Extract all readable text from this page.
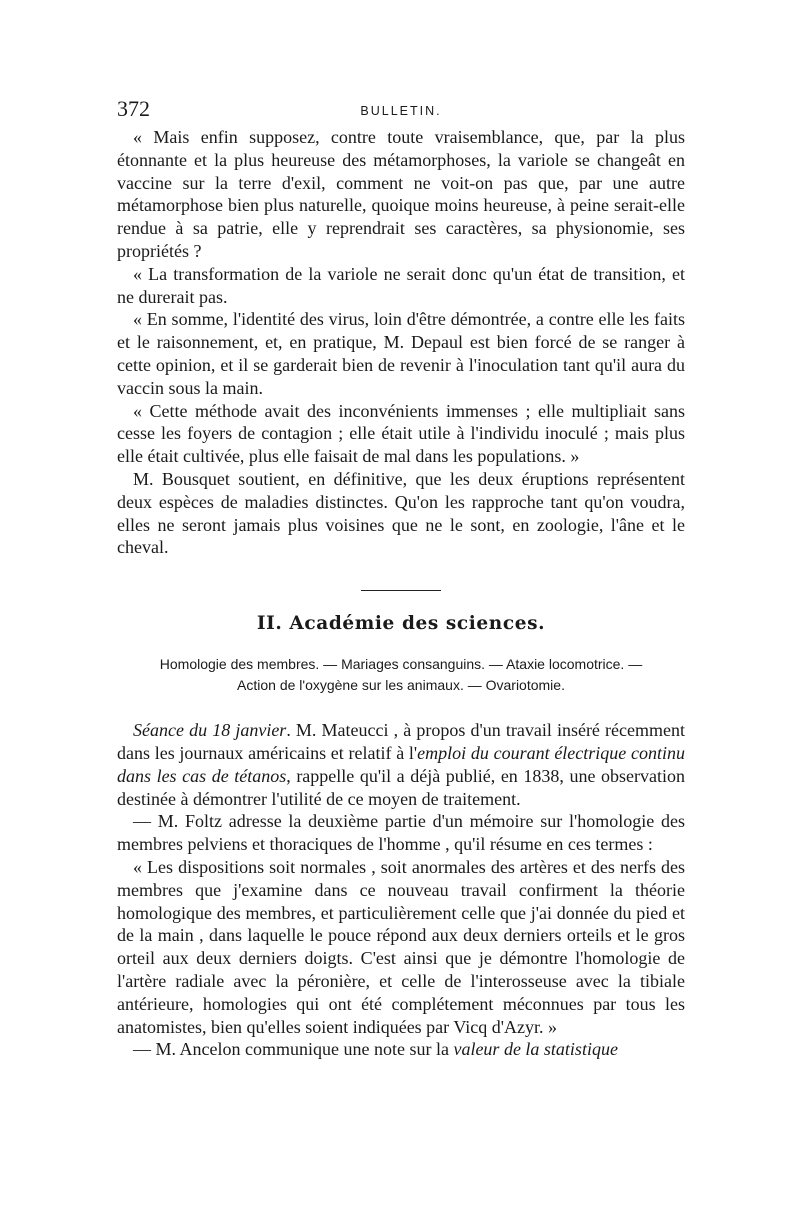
372	BULLETIN.

« Mais enfin supposez, contre toute vraisemblance, que, par la plus étonnante et la plus heureuse des métamorphoses, la variole se changeât en vaccine sur la terre d'exil, comment ne voit-on pas que, par une autre métamorphose bien plus naturelle, quoique moins heureuse, à peine serait-elle rendue à sa patrie, elle y reprendrait ses caractères, sa physionomie, ses propriétés ?

« La transformation de la variole ne serait donc qu'un état de transition, et ne durerait pas.

« En somme, l'identité des virus, loin d'être démontrée, a contre elle les faits et le raisonnement, et, en pratique, M. Depaul est bien forcé de se ranger à cette opinion, et il se garderait bien de revenir à l'inoculation tant qu'il aura du vaccin sous la main.

« Cette méthode avait des inconvénients immenses ; elle multipliait sans cesse les foyers de contagion ; elle était utile à l'individu inoculé ; mais plus elle était cultivée, plus elle faisait de mal dans les populations. »

M. Bousquet soutient, en définitive, que les deux éruptions représentent deux espèces de maladies distinctes. Qu'on les rapproche tant qu'on voudra, elles ne seront jamais plus voisines que ne le sont, en zoologie, l'âne et le cheval.

II. Académie des sciences.
Homologie des membres. — Mariages consanguins. — Ataxie locomotrice. —
Action de l'oxygène sur les animaux. — Ovariotomie.

Séance du 18 janvier. M. Mateucci , à propos d'un travail inséré récemment dans les journaux américains et relatif à l'emploi du courant électrique continu dans les cas de tétanos, rappelle qu'il a déjà publié, en 1838, une observation destinée à démontrer l'utilité de ce moyen de traitement.

— M. Foltz adresse la deuxième partie d'un mémoire sur l'homologie des membres pelviens et thoraciques de l'homme , qu'il résume en ces termes :

« Les dispositions soit normales , soit anormales des artères et des nerfs des membres que j'examine dans ce nouveau travail confirment la théorie homologique des membres, et particulièrement celle que j'ai donnée du pied et de la main , dans laquelle le pouce répond aux deux derniers orteils et le gros orteil aux deux derniers doigts. C'est ainsi que je démontre l'homologie de l'artère radiale avec la péronière, et celle de l'interosseuse avec la tibiale antérieure, homologies qui ont été complétement méconnues par tous les anatomistes, bien qu'elles soient indiquées par Vicq d'Azyr. »

— M. Ancelon communique une note sur la valeur de la statistique
